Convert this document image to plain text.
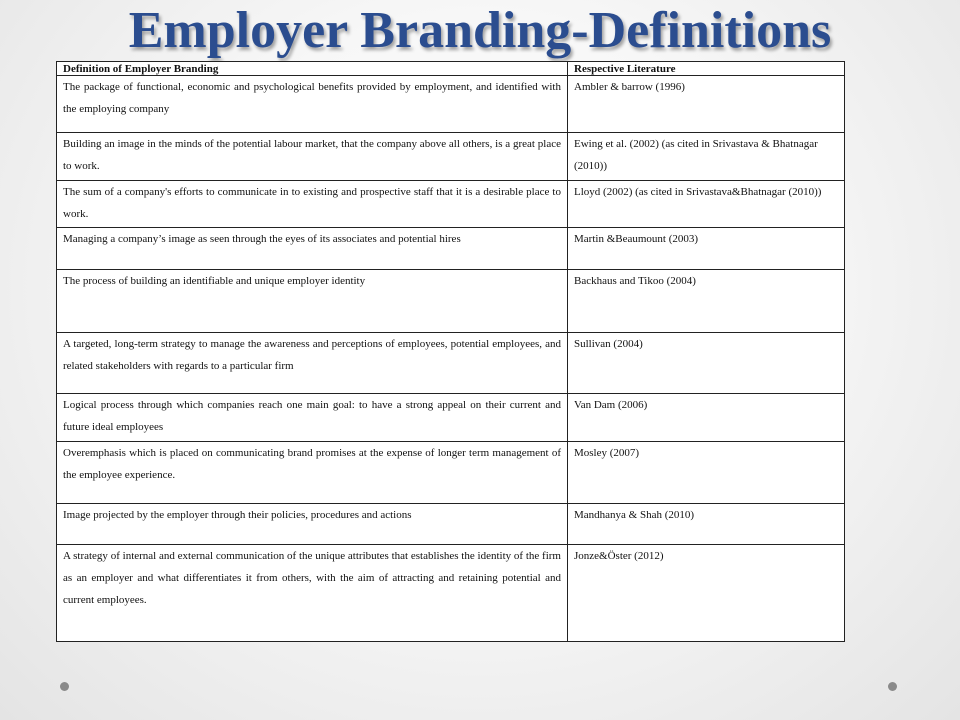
Employer Branding-Definitions
Definition of Employer Branding	Respective Literature
The package of functional, economic and psychological benefits provided by employment, and identified with the employing company	Ambler & barrow (1996)
Building an image in the minds of the potential labour market, that the company above all others, is a great place to work.	Ewing et al. (2002) (as cited in Srivastava & Bhatnagar (2010))
The sum of a company's efforts to communicate in to existing and prospective staff that it is a desirable place to work.	Lloyd (2002) (as cited in Srivastava&Bhatnagar (2010))
Managing a company’s image as seen through the eyes of its associates and potential hires	Martin &Beaumount (2003)
The process of building an identifiable and unique employer identity	Backhaus and Tikoo (2004)
A targeted, long-term strategy to manage the awareness and perceptions of employees, potential employees, and related stakeholders with regards to a particular firm	Sullivan (2004)
Logical process through which companies reach one main goal: to have a strong appeal on their current and future ideal employees	Van Dam (2006)
Overemphasis which is placed on communicating brand promises at the expense of longer term management of the employee experience.	Mosley (2007)
Image projected by the employer through their policies, procedures and actions	Mandhanya & Shah (2010)
A strategy of internal and external communication of the unique attributes that establishes the identity of the firm as an employer and what differentiates it from others, with the aim of attracting and retaining potential and current employees.	Jonze&Öster (2012)
